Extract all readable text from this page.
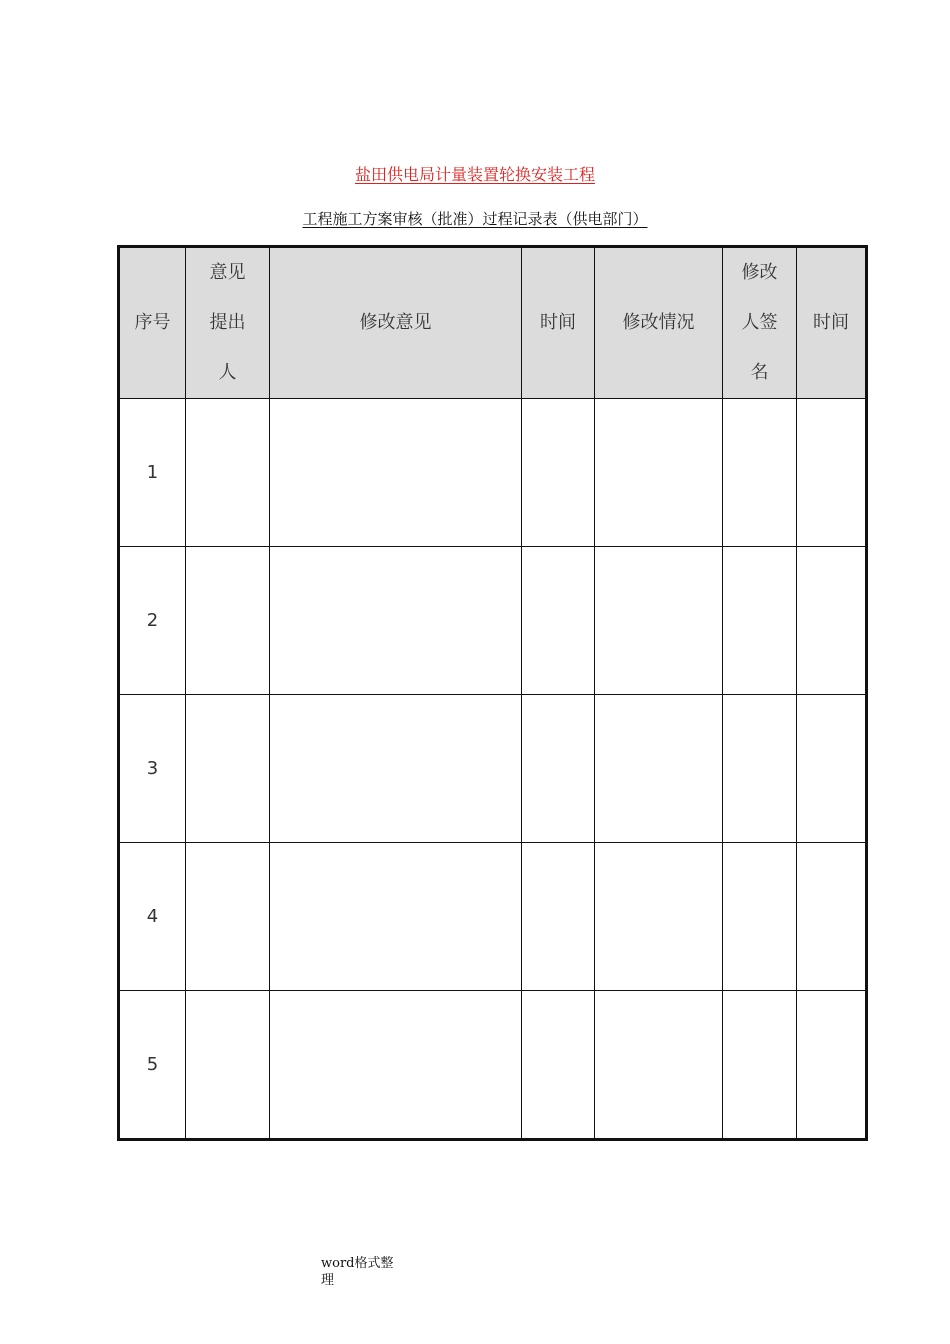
盐田供电局计量装置轮换安装工程
工程施工方案审核（批准）过程记录表（供电部门）
序号	意见提出人	修改意见	时间	修改情况	修改人签名	时间
1						
2						
3						
4						
5						
word格式整理
